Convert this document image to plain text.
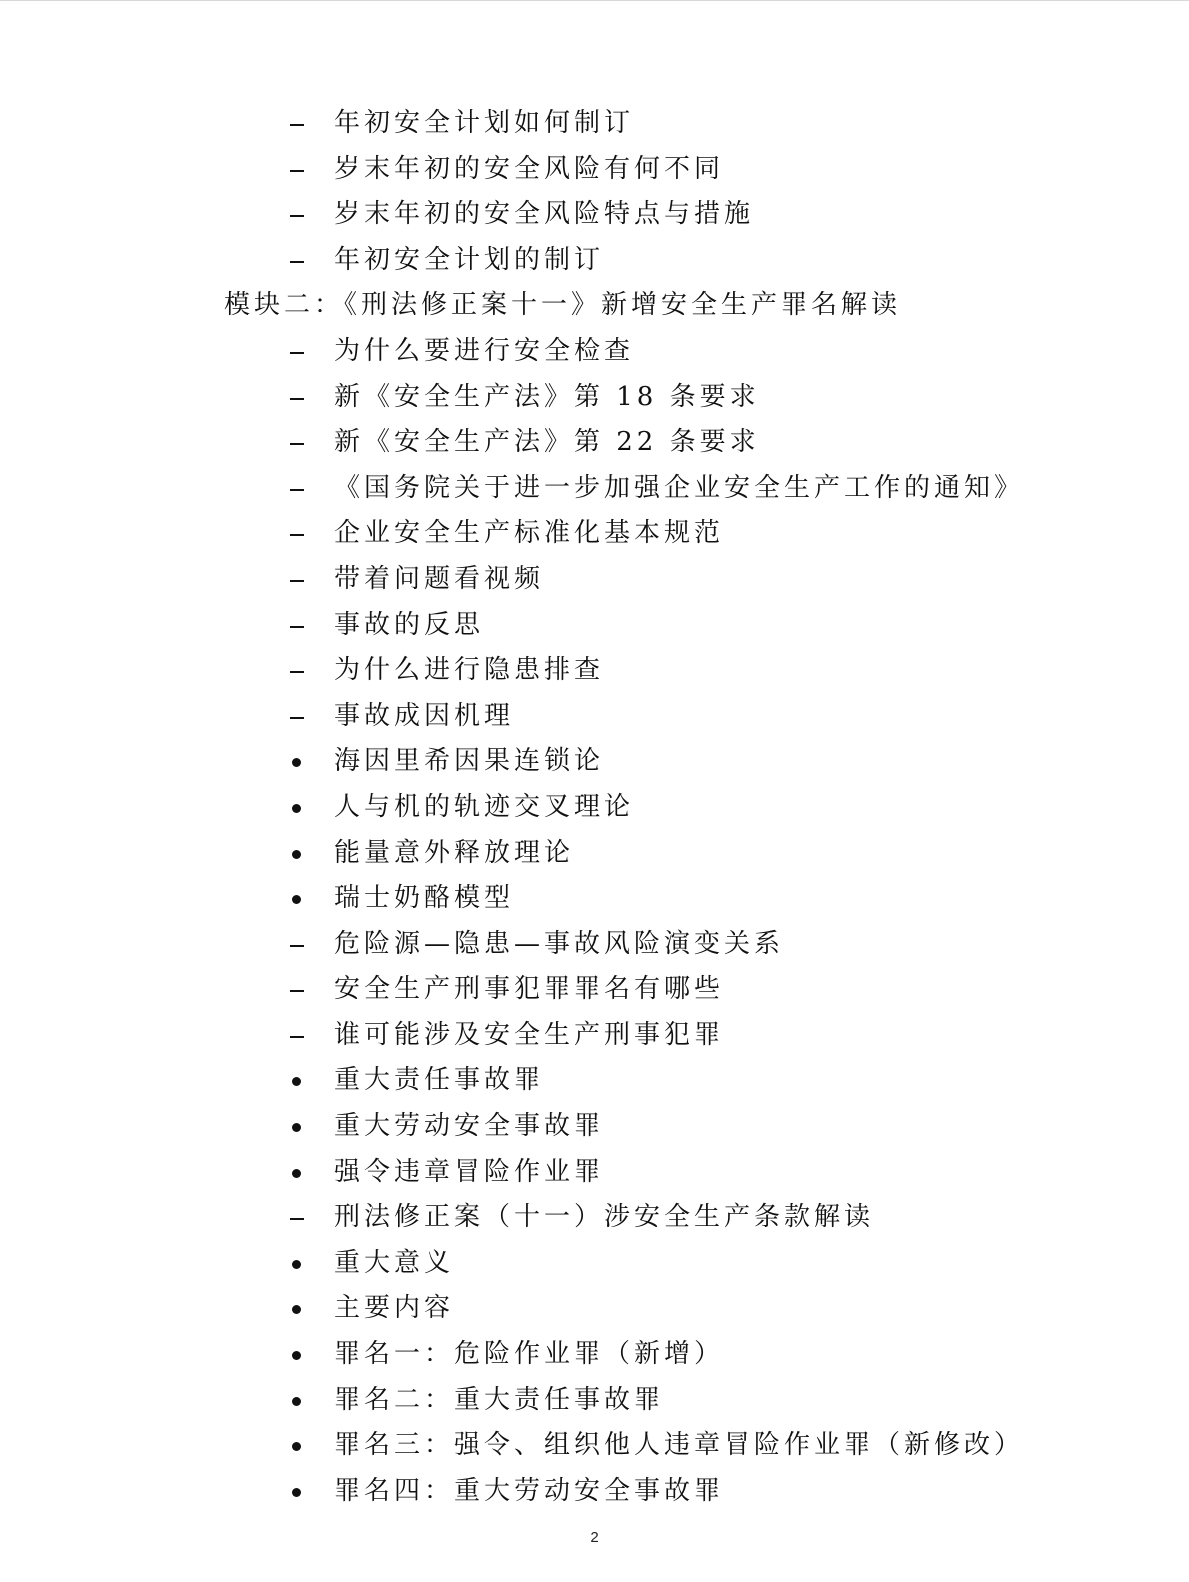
年初安全计划如何制订
岁末年初的安全风险有何不同
岁末年初的安全风险特点与措施
年初安全计划的制订
模块二：《刑法修正案十一》新增安全生产罪名解读
为什么要进行安全检查
新《安全生产法》第 18 条要求
新《安全生产法》第 22 条要求
《国务院关于进一步加强企业安全生产工作的通知》
企业安全生产标准化基本规范
带着问题看视频
事故的反思
为什么进行隐患排查
事故成因机理
海因里希因果连锁论
人与机的轨迹交叉理论
能量意外释放理论
瑞士奶酪模型
危险源—隐患—事故风险演变关系
安全生产刑事犯罪罪名有哪些
谁可能涉及安全生产刑事犯罪
重大责任事故罪
重大劳动安全事故罪
强令违章冒险作业罪
刑法修正案（十一）涉安全生产条款解读
重大意义
主要内容
罪名一：危险作业罪（新增）
罪名二：重大责任事故罪
罪名三：强令、组织他人违章冒险作业罪（新修改）
罪名四：重大劳动安全事故罪
2
